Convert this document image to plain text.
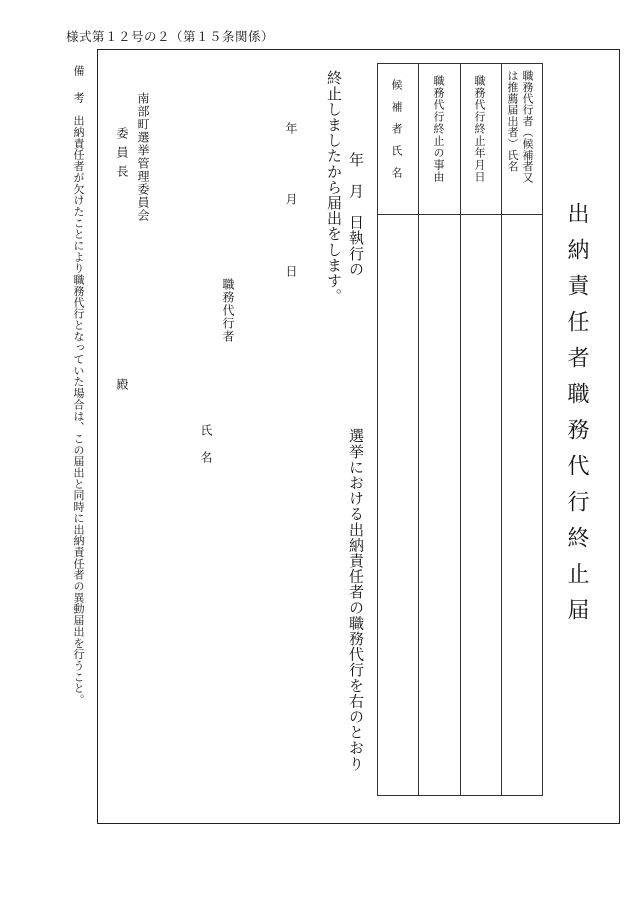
様式第１２号の２（第１５条関係）
出納責任者職務代行終止届
職務代行者（候補者又
は推薦届出者）氏名
職務代行終止年月日
職務代行終止の事由
候補者氏名
選挙における出納責任者の職務代行を右のとおり
年　月　日執行の
終止しましたから届出をします。
年
月
日
職務代行者
氏
名
南部町選挙管理委員会
委員長
殿
備
考
出納責任者が欠けたことにより職務代行となっていた場合は、この届出と同時に出納責任者の異動届出を行うこと。
